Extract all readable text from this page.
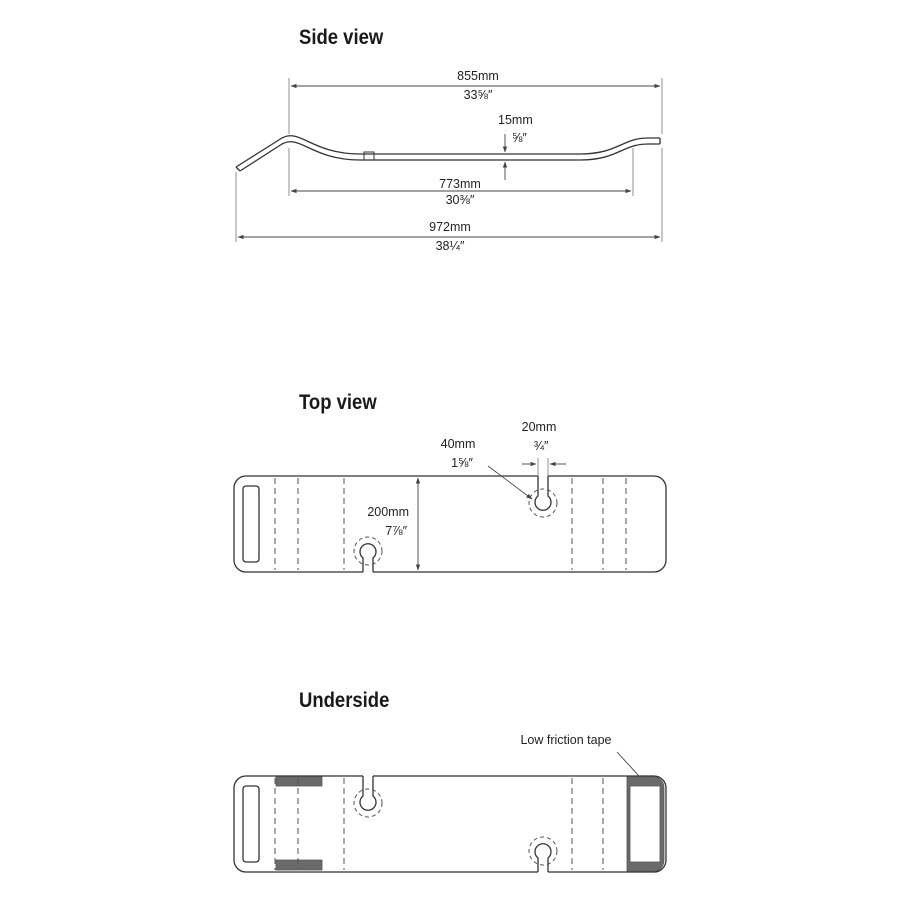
Side view
Top view
Underside
855mm
33⅝″
15mm
⅝″
773mm
30⅜″
972mm
38¼″
200mm
7⅞″
40mm
1⅝″
20mm
¾″
Low friction tape
